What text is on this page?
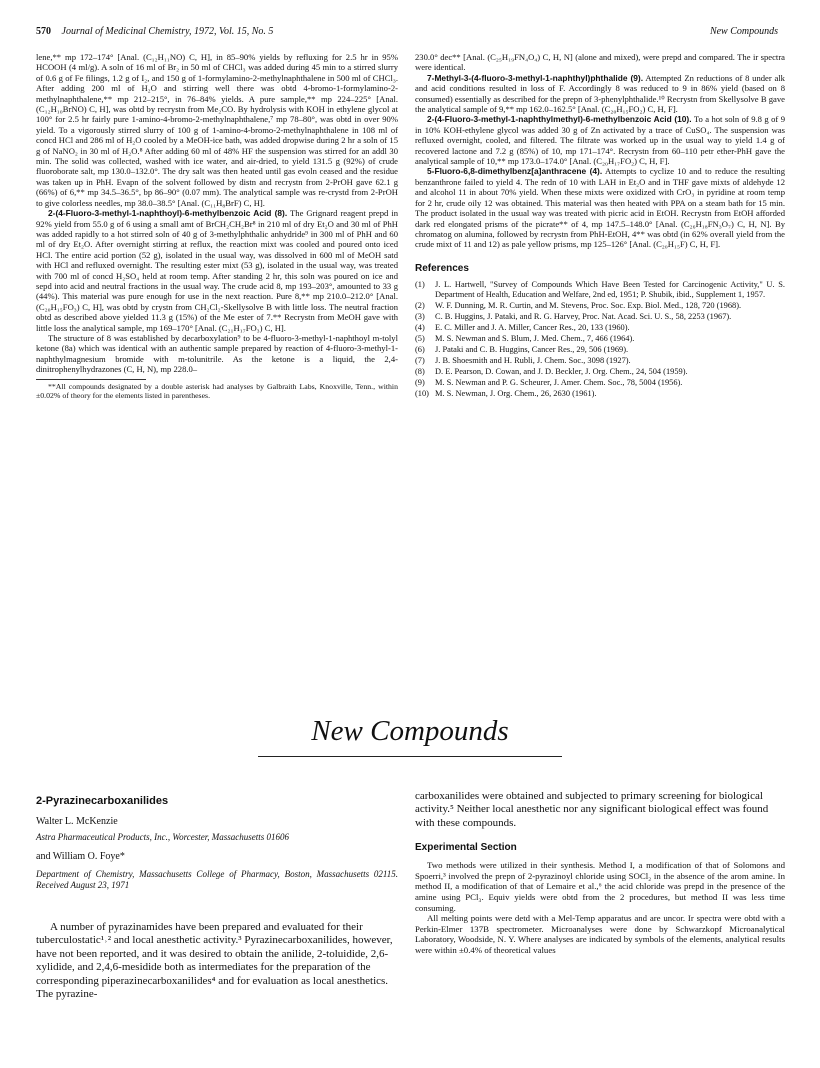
570 Journal of Medicinal Chemistry, 1972, Vol. 15, No. 5	New Compounds

lene,** mp 172–174° [Anal. (C₁₂H₁₁NO) C, H], in 85–90% yields by refluxing for 2.5 hr in 95% HCOOH (4 ml/g). A soln of 16 ml of Br₂ in 50 ml of CHCl₃ was added during 45 min to a stirred slurry of 0.6 g of Fe filings, 1.2 g of I₂, and 150 g of 1-formylamino-2-methylnaphthalene in 500 ml of CHCl₃. After adding 200 ml of H₂O and stirring well there was obtd 4-bromo-1-formylamino-2-methylnaphthalene,** mp 212–215°, in 76–84% yields. A pure sample,** mp 224–225° [Anal. (C₁₂H₁₀BrNO) C, H], was obtd by recrystn from Me₂CO. By hydrolysis with KOH in ethylene glycol at 100° for 2.5 hr fairly pure 1-amino-4-bromo-2-methylnaphthalene,⁷ mp 78–80°, was obtd in over 90% yield. To a vigorously stirred slurry of 100 g of 1-amino-4-bromo-2-methylnaphthalene in 108 ml of concd HCl and 286 ml of H₂O cooled by a MeOH-ice bath, was added dropwise during 2 hr a soln of 15 g of NaNO₂ in 30 ml of H₂O.⁸ After adding 60 ml of 48% HF the suspension was stirred for an addl 30 min. The solid was collected, washed with ice water, and air-dried, to yield 131.5 g (92%) of crude fluoroborate salt, mp 130.0–132.0°. The dry salt was then heated until gas evoln ceased and the residue was taken up in PhH. Evapn of the solvent followed by distn and recrystn from 2-PrOH gave 62.1 g (66%) of 6,** mp 34.5–36.5°, bp 86–90° (0.07 mm). The analytical sample was re-crystd from 2-PrOH to give colorless needles, mp 38.0–38.5° [Anal. (C₁₁H₈BrF) C, H].

2-(4-Fluoro-3-methyl-1-naphthoyl)-6-methylbenzoic Acid (8). The Grignard reagent prepd in 92% yield from 55.0 g of 6 using a small amt of BrCH₂CH₂Br⁸ in 210 ml of dry Et₂O and 30 ml of PhH was added rapidly to a hot stirred soln of 40 g of 3-methylphthalic anhydride⁹ in 300 ml of PhH and 60 ml of dry Et₂O. After overnight stirring at reflux, the reaction mixt was cooled and poured onto iced HCl. The entire acid portion (52 g), isolated in the usual way, was dissolved in 600 ml of MeOH satd with HCl and refluxed overnight. The resulting ester mixt (53 g), isolated in the usual way, was treated with 700 ml of concd H₂SO₄ held at room temp. After standing 2 hr, this soln was poured on ice and sepd into acid and neutral fractions in the usual way. The crude acid 8, mp 193–203°, amounted to 33 g (44%). This material was pure enough for use in the next reaction. Pure 8,** mp 210.0–212.0° [Anal. (C₂₀H₁₅FO₃) C, H], was obtd by crystn from CH₂Cl₂-Skellysolve B with little loss. The neutral fraction obtd as described above yielded 11.3 g (15%) of the Me ester of 7.** Recrystn from MeOH gave with little loss the analytical sample, mp 169–170° [Anal. (C₂₁H₁₇FO₃) C, H].

The structure of 8 was established by decarboxylation⁹ to be 4-fluoro-3-methyl-1-naphthoyl m-tolyl ketone (8a) which was identical with an authentic sample prepared by reaction of 4-fluoro-3-methyl-1-naphthylmagnesium bromide with m-tolunitrile. As the ketone is a liquid, the 2,4-dinitrophenylhydrazones (C, H, N), mp 228.0–

**All compounds designated by a double asterisk had analyses by Galbraith Labs, Knoxville, Tenn., within ±0.02% of theory for the elements listed in parentheses.

230.0° dec** [Anal. (C₂₅H₁₉FN₄O₄) C, H, N] (alone and mixed), were prepd and compared. The ir spectra were identical.

7-Methyl-3-(4-fluoro-3-methyl-1-naphthyl)phthalide (9). Attempted Zn reductions of 8 under alk and acid conditions resulted in loss of F. Accordingly 8 was reduced to 9 in 86% yield (based on 8 consumed) essentially as described for the prepn of 3-phenylphthalide.¹⁰ Recrystn from Skellysolve B gave the analytical sample of 9,** mp 162.0–162.5° [Anal. (C₂₀H₁₅FO₂) C, H, F].

2-(4-Fluoro-3-methyl-1-naphthylmethyl)-6-methylbenzoic Acid (10). To a hot soln of 9.8 g of 9 in 10% KOH-ethylene glycol was added 30 g of Zn activated by a trace of CuSO₄. The suspension was refluxed overnight, cooled, and filtered. The filtrate was worked up in the usual way to yield 1.4 g of recovered lactone and 7.2 g (85%) of 10, mp 171–174°. Recrystn from 60–110 petr ether-PhH gave the analytical sample of 10,** mp 173.0–174.0° [Anal. (C₂₀H₁₇FO₂) C, H, F].

5-Fluoro-6,8-dimethylbenz[a]anthracene (4). Attempts to cyclize 10 and to reduce the resulting benzanthrone failed to yield 4. The redn of 10 with LAH in Et₂O and in THF gave mixts of aldehyde 12 and alcohol 11 in about 70% yield. When these mixts were oxidized with CrO₃ in pyridine at room temp for 2 hr, crude oily 12 was obtained. This material was then heated with PPA on a steam bath for 15 min. The product isolated in the usual way was treated with picric acid in EtOH. Recrystn from EtOH afforded dark red elongated prisms of the picrate** of 4, mp 147.5–148.0° [Anal. (C₂₆H₁₈FN₃O₇) C, H, N]. By chromatog on alumina, followed by recrystn from PhH-EtOH, 4** was obtd (in 62% overall yield from the crude mixt of 11 and 12) as pale yellow prisms, mp 125–126° [Anal. (C₂₀H₁₅F) C, H, F].

References
(1)	J. L. Hartwell, "Survey of Compounds Which Have Been Tested for Carcinogenic Activity," U. S. Department of Health, Education and Welfare, 2nd ed, 1951; P. Shubik, ibid., Supplement 1, 1957.
(2)	W. F. Dunning, M. R. Curtin, and M. Stevens, Proc. Soc. Exp. Biol. Med., 128, 720 (1968).
(3)	C. B. Huggins, J. Pataki, and R. G. Harvey, Proc. Nat. Acad. Sci. U. S., 58, 2253 (1967).
(4)	E. C. Miller and J. A. Miller, Cancer Res., 20, 133 (1960).
(5)	M. S. Newman and S. Blum, J. Med. Chem., 7, 466 (1964).
(6)	J. Pataki and C. B. Huggins, Cancer Res., 29, 506 (1969).
(7)	J. B. Shoesmith and H. Rubli, J. Chem. Soc., 3098 (1927).
(8)	D. E. Pearson, D. Cowan, and J. D. Beckler, J. Org. Chem., 24, 504 (1959).
(9)	M. S. Newman and P. G. Scheurer, J. Amer. Chem. Soc., 78, 5004 (1956).
(10) M. S. Newman, J. Org. Chem., 26, 2630 (1961).
New Compounds
2-Pyrazinecarboxanilides
Walter L. McKenzie
Astra Pharmaceutical Products, Inc., Worcester, Massachusetts 01606
and William O. Foye*
Department of Chemistry, Massachusetts College of Pharmacy, Boston, Massachusetts 02115. Received August 23, 1971

A number of pyrazinamides have been prepared and evaluated for their tuberculostatic¹˒² and local anesthetic activity.³ Pyrazinecarboxanilides, however, have not been reported, and it was desired to obtain the anilide, 2-toluidide, 2,6-xylidide, and 2,4,6-mesidide both as intermediates for the preparation of the corresponding piperazinecarboxanilides⁴ and for evaluation as local anesthetics. The pyrazine-

carboxanilides were obtained and subjected to primary screening for biological activity.⁵ Neither local anesthetic nor any significant biological effect was found with these compounds.

Experimental Section

Two methods were utilized in their synthesis. Method I, a modification of that of Solomons and Spoerri,³ involved the prepn of 2-pyrazinoyl chloride using SOCl₂ in the absence of the arom amine. In method II, a modification of that of Lemaire et al.,⁶ the acid chloride was prepd in the presence of the amine using PCl₃. Equiv yields were obtd from the 2 procedures, but method II was less time consuming.

All melting points were detd with a Mel-Temp apparatus and are uncor. Ir spectra were obtd with a Perkin-Elmer 137B spectrometer. Microanalyses were done by Schwarzkopf Microanalytical Laboratory, Woodside, N. Y. Where analyses are indicated by symbols of the elements, analytical results were within ±0.4% of theoretical values
